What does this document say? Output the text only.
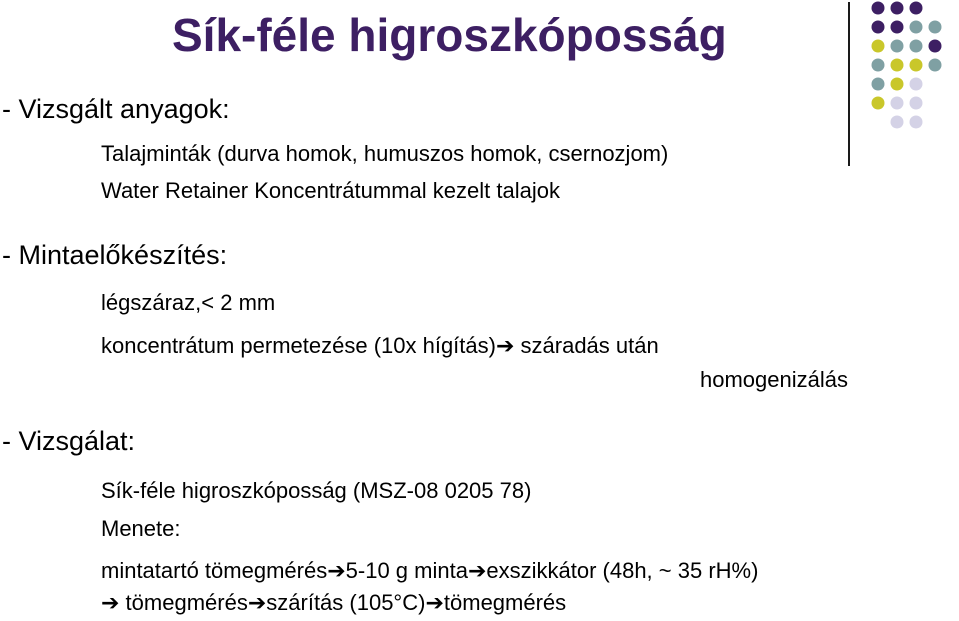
Sík-féle higroszkóposság
- Vizsgált anyagok:
Talajminták (durva homok, humuszos homok, csernozjom)
Water Retainer Koncentrátummal kezelt talajok
- Mintaelőkészítés:
légszáraz,< 2 mm
koncentrátum permetezése (10x hígítás)➔ száradás után
homogenizálás
- Vizsgálat:
Sík-féle higroszkóposság (MSZ-08 0205 78)
Menete:
mintatartó tömegmérés➔5-10 g minta➔exszikkátor (48h, ~ 35 rH%)
➔ tömegmérés➔szárítás (105°C)➔tömegmérés
